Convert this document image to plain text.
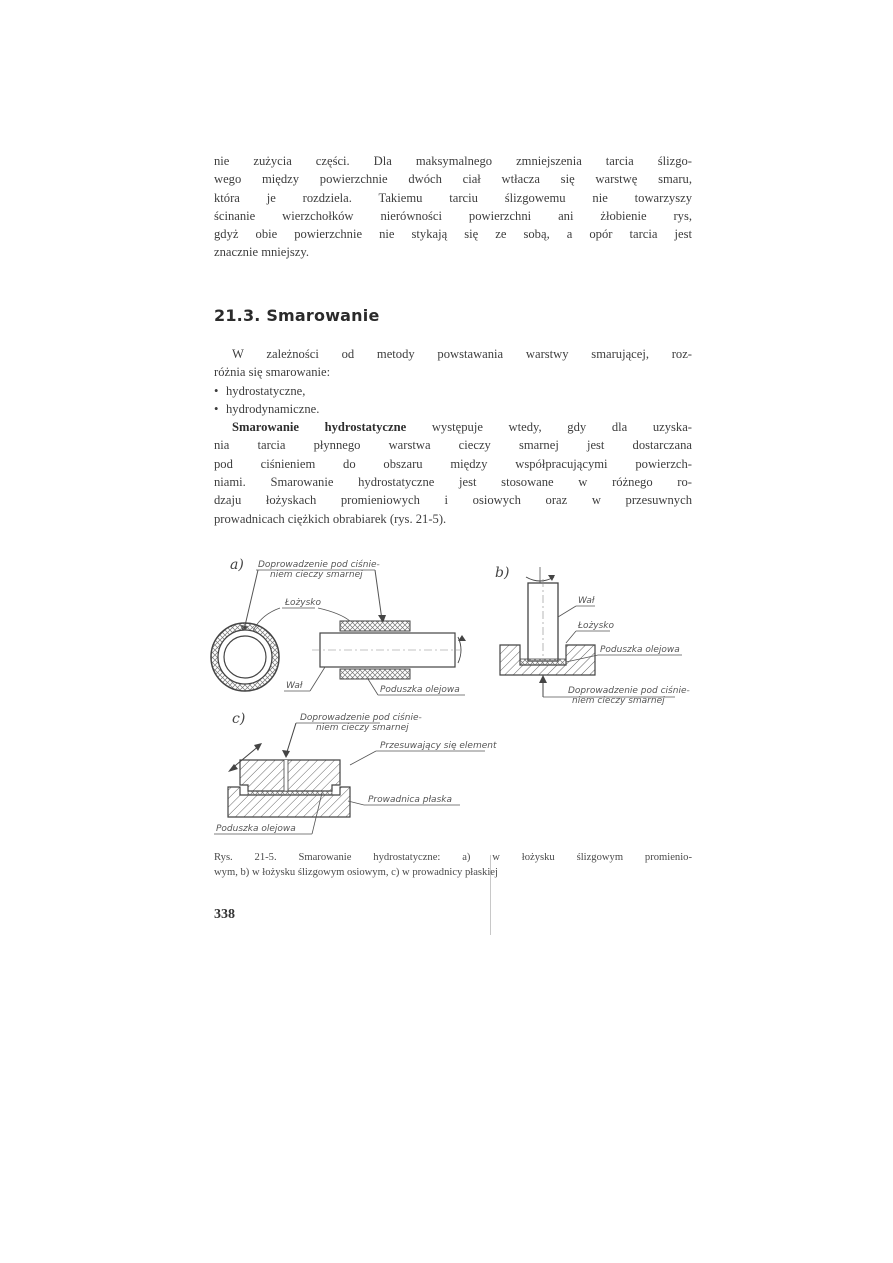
nie zużycia części. Dla maksymalnego zmniejszenia tarcia ślizgo-
wego między powierzchnie dwóch ciał wtłacza się warstwę smaru,
która je rozdziela. Takiemu tarciu ślizgowemu nie towarzyszy
ścinanie wierzchołków nierówności powierzchni ani żłobienie rys,
gdyż obie powierzchnie nie stykają się ze sobą, a opór tarcia jest
znacznie mniejszy.
21.3. Smarowanie
W zależności od metody powstawania warstwy smarującej, roz-
różnia się smarowanie:
• hydrostatyczne,
• hydrodynamiczne.
Smarowanie hydrostatyczne występuje wtedy, gdy dla uzyska-
nia tarcia płynnego warstwa cieczy smarnej jest dostarczana
pod ciśnieniem do obszaru między współpracującymi powierzch-
niami. Smarowanie hydrostatyczne jest stosowane w różnego ro-
dzaju łożyskach promieniowych i osiowych oraz w przesuwnych
prowadnicach ciężkich obrabiarek (rys. 21-5).
a) Doprowadzenie pod ciśnie-
niem cieczy smarnej
Łożysko
Wał	Poduszka olejowa
b)
Wał
Łożysko
Poduszka olejowa
Doprowadzenie pod ciśnie-
niem cieczy smarnej
c)	Doprowadzenie pod ciśnie-
niem cieczy smarnej
Przesuwający się element
Prowadnica płaska
Poduszka olejowa
Rys. 21-5. Smarowanie hydrostatyczne: a) w łożysku ślizgowym promienio-
wym, b) w łożysku ślizgowym osiowym, c) w prowadnicy płaskiej
338
